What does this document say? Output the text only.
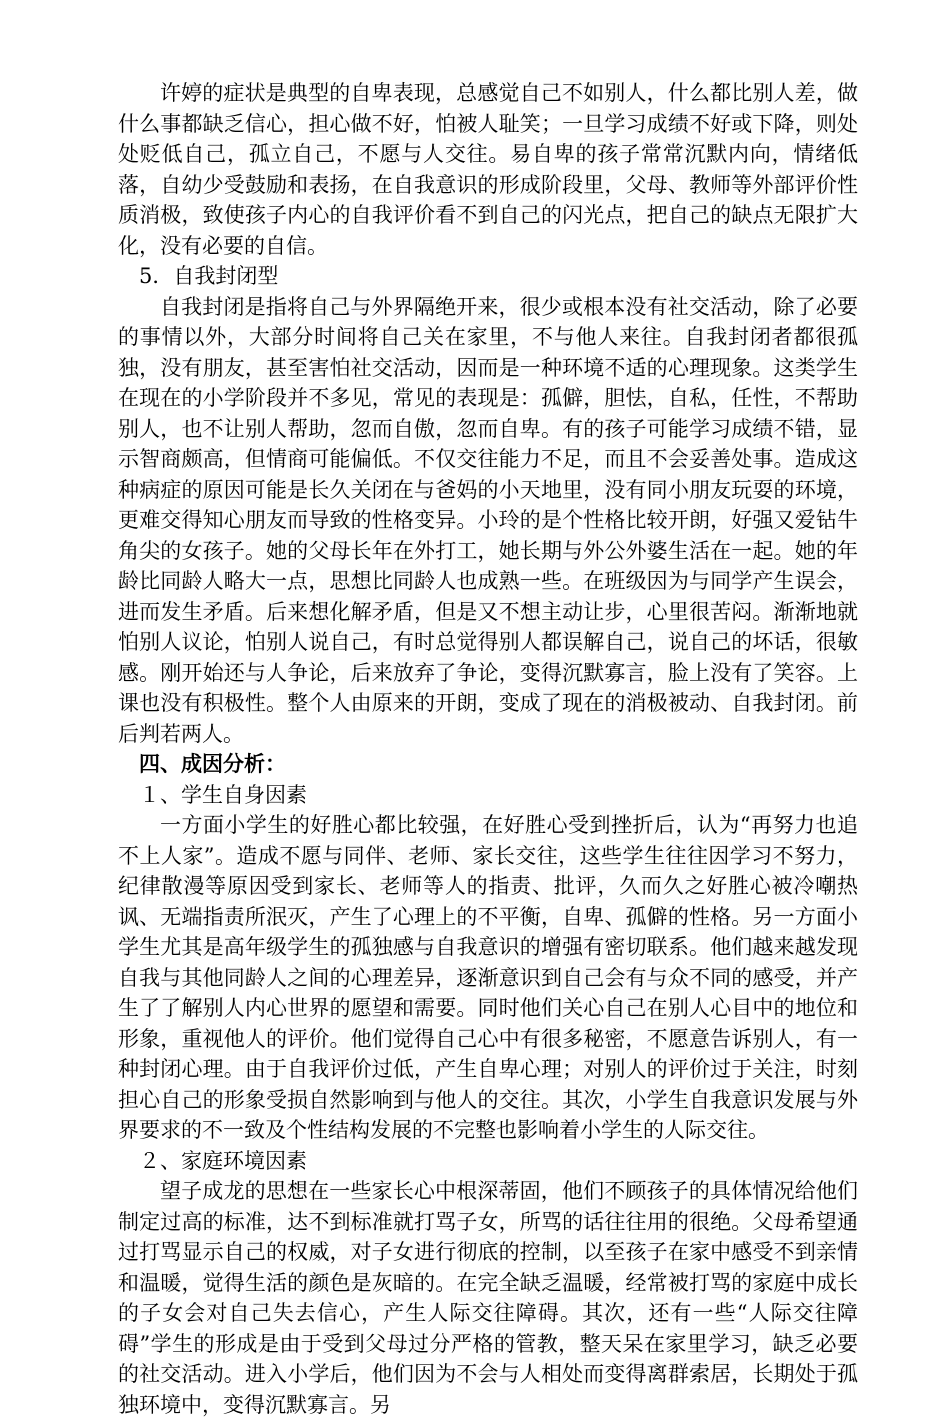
许婷的症状是典型的自卑表现，总感觉自己不如别人，什么都比别人差，做什么事都缺乏信心，担心做不好，怕被人耻笑；一旦学习成绩不好或下降，则处处贬低自己，孤立自己，不愿与人交往。易自卑的孩子常常沉默内向，情绪低落，自幼少受鼓励和表扬，在自我意识的形成阶段里，父母、教师等外部评价性质消极，致使孩子内心的自我评价看不到自己的闪光点，把自己的缺点无限扩大化，没有必要的自信。

5．自我封闭型

自我封闭是指将自己与外界隔绝开来，很少或根本没有社交活动，除了必要的事情以外，大部分时间将自己关在家里，不与他人来往。自我封闭者都很孤独，没有朋友，甚至害怕社交活动，因而是一种环境不适的心理现象。这类学生在现在的小学阶段并不多见，常见的表现是：孤僻，胆怯，自私，任性，不帮助别人，也不让别人帮助，忽而自傲，忽而自卑。有的孩子可能学习成绩不错，显示智商颇高，但情商可能偏低。不仅交往能力不足，而且不会妥善处事。造成这种病症的原因可能是长久关闭在与爸妈的小天地里，没有同小朋友玩耍的环境，更难交得知心朋友而导致的性格变异。小玲的是个性格比较开朗，好强又爱钻牛角尖的女孩子。她的父母长年在外打工，她长期与外公外婆生活在一起。她的年龄比同龄人略大一点，思想比同龄人也成熟一些。在班级因为与同学产生误会，进而发生矛盾。后来想化解矛盾，但是又不想主动让步，心里很苦闷。渐渐地就怕别人议论，怕别人说自己，有时总觉得别人都误解自己，说自己的坏话，很敏感。刚开始还与人争论，后来放弃了争论，变得沉默寡言，脸上没有了笑容。上课也没有积极性。整个人由原来的开朗，变成了现在的消极被动、自我封闭。前后判若两人。

四、成因分析：

１、学生自身因素

一方面小学生的好胜心都比较强，在好胜心受到挫折后，认为“再努力也追不上人家”。造成不愿与同伴、老师、家长交往，这些学生往往因学习不努力，纪律散漫等原因受到家长、老师等人的指责、批评，久而久之好胜心被冷嘲热讽、无端指责所泯灭，产生了心理上的不平衡，自卑、孤僻的性格。另一方面小学生尤其是高年级学生的孤独感与自我意识的增强有密切联系。他们越来越发现自我与其他同龄人之间的心理差异，逐渐意识到自己会有与众不同的感受，并产生了了解别人内心世界的愿望和需要。同时他们关心自己在别人心目中的地位和形象，重视他人的评价。他们觉得自己心中有很多秘密，不愿意告诉别人，有一种封闭心理。由于自我评价过低，产生自卑心理；对别人的评价过于关注，时刻担心自己的形象受损自然影响到与他人的交往。其次，小学生自我意识发展与外界要求的不一致及个性结构发展的不完整也影响着小学生的人际交往。

２、家庭环境因素

望子成龙的思想在一些家长心中根深蒂固，他们不顾孩子的具体情况给他们制定过高的标准，达不到标准就打骂子女，所骂的话往往用的很绝。父母希望通过打骂显示自己的权威，对子女进行彻底的控制，以至孩子在家中感受不到亲情和温暖，觉得生活的颜色是灰暗的。在完全缺乏温暖，经常被打骂的家庭中成长的子女会对自己失去信心，产生人际交往障碍。其次，还有一些“人际交往障碍”学生的形成是由于受到父母过分严格的管教，整天呆在家里学习，缺乏必要的社交活动。进入小学后，他们因为不会与人相处而变得离群索居，长期处于孤独环境中，变得沉默寡言。另
